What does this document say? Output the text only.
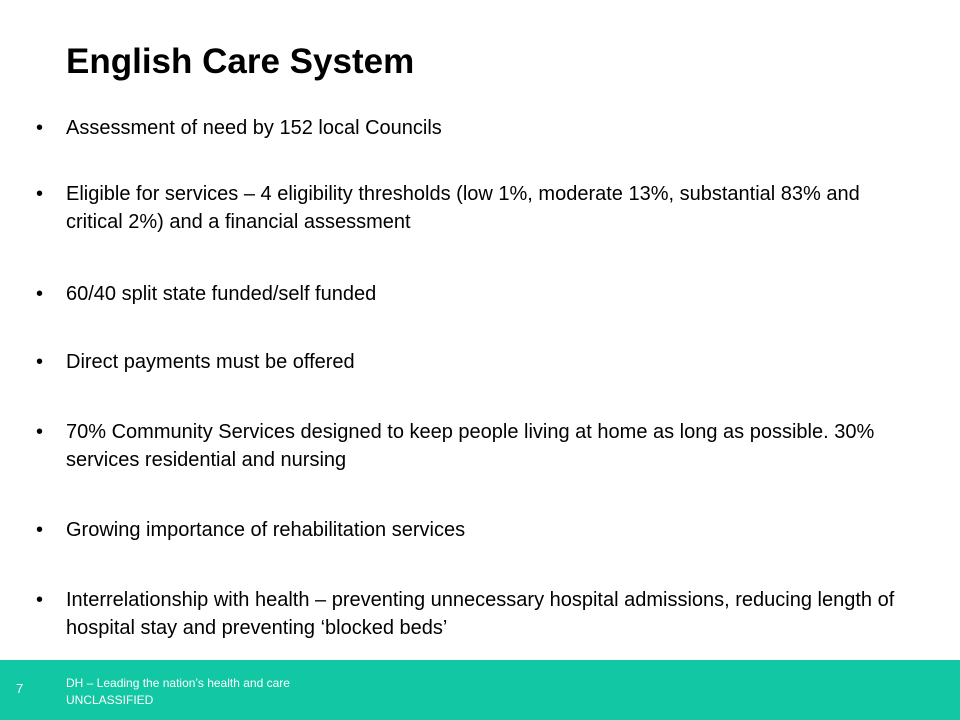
English Care System
•	Assessment of need by 152 local Councils
•	Eligible for services – 4 eligibility thresholds (low 1%, moderate 13%, substantial 83% and critical 2%) and a financial assessment
•	60/40 split state funded/self funded
•	Direct payments must be offered
•	70% Community Services designed to keep people living at home as long as possible. 30% services residential and nursing
•	Growing importance of rehabilitation services
•	Interrelationship with health – preventing unnecessary hospital admissions, reducing length of hospital stay and preventing ‘blocked beds’
7	DH – Leading the nation’s health and care
UNCLASSIFIED
